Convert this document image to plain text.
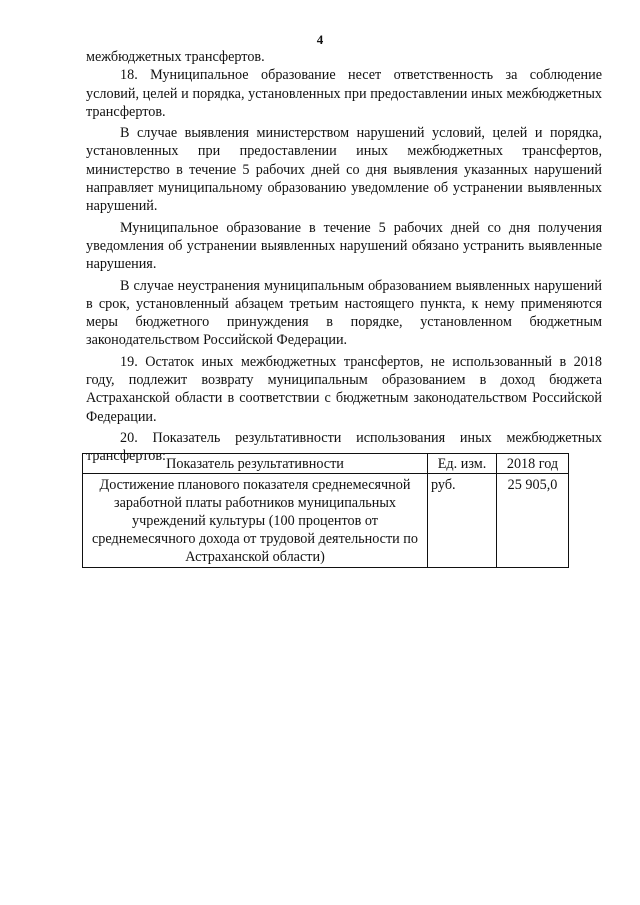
4

межбюджетных трансфертов.

18. Муниципальное образование несет ответственность за соблюдение условий, целей и порядка, установленных при предоставлении иных межбюджетных трансфертов.

В случае выявления министерством нарушений условий, целей и порядка, установленных при предоставлении иных межбюджетных трансфертов, министерство в течение 5 рабочих дней со дня выявления указанных нарушений направляет муниципальному образованию уведомление об устранении выявленных нарушений.

Муниципальное образование в течение 5 рабочих дней со дня получения уведомления об устранении выявленных нарушений обязано устранить выявленные нарушения.

В случае неустранения муниципальным образованием выявленных нарушений в срок, установленный абзацем третьим настоящего пункта, к нему применяются меры бюджетного принуждения в порядке, установленном бюджетным законодательством Российской Федерации.

19. Остаток иных межбюджетных трансфертов, не использованный в 2018 году, подлежит возврату муниципальным образованием в доход бюджета Астраханской области в соответствии с бюджетным законодательством Российской Федерации.

20. Показатель результативности использования иных межбюджетных трансфертов: Показатель результативности	Ед. изм.	2018 год
Достижение планового показателя среднемесячной заработной платы работников муниципальных учреждений культуры (100 процентов от среднемесячного дохода от трудовой деятельности по Астраханской области)	руб.	25 905,0
